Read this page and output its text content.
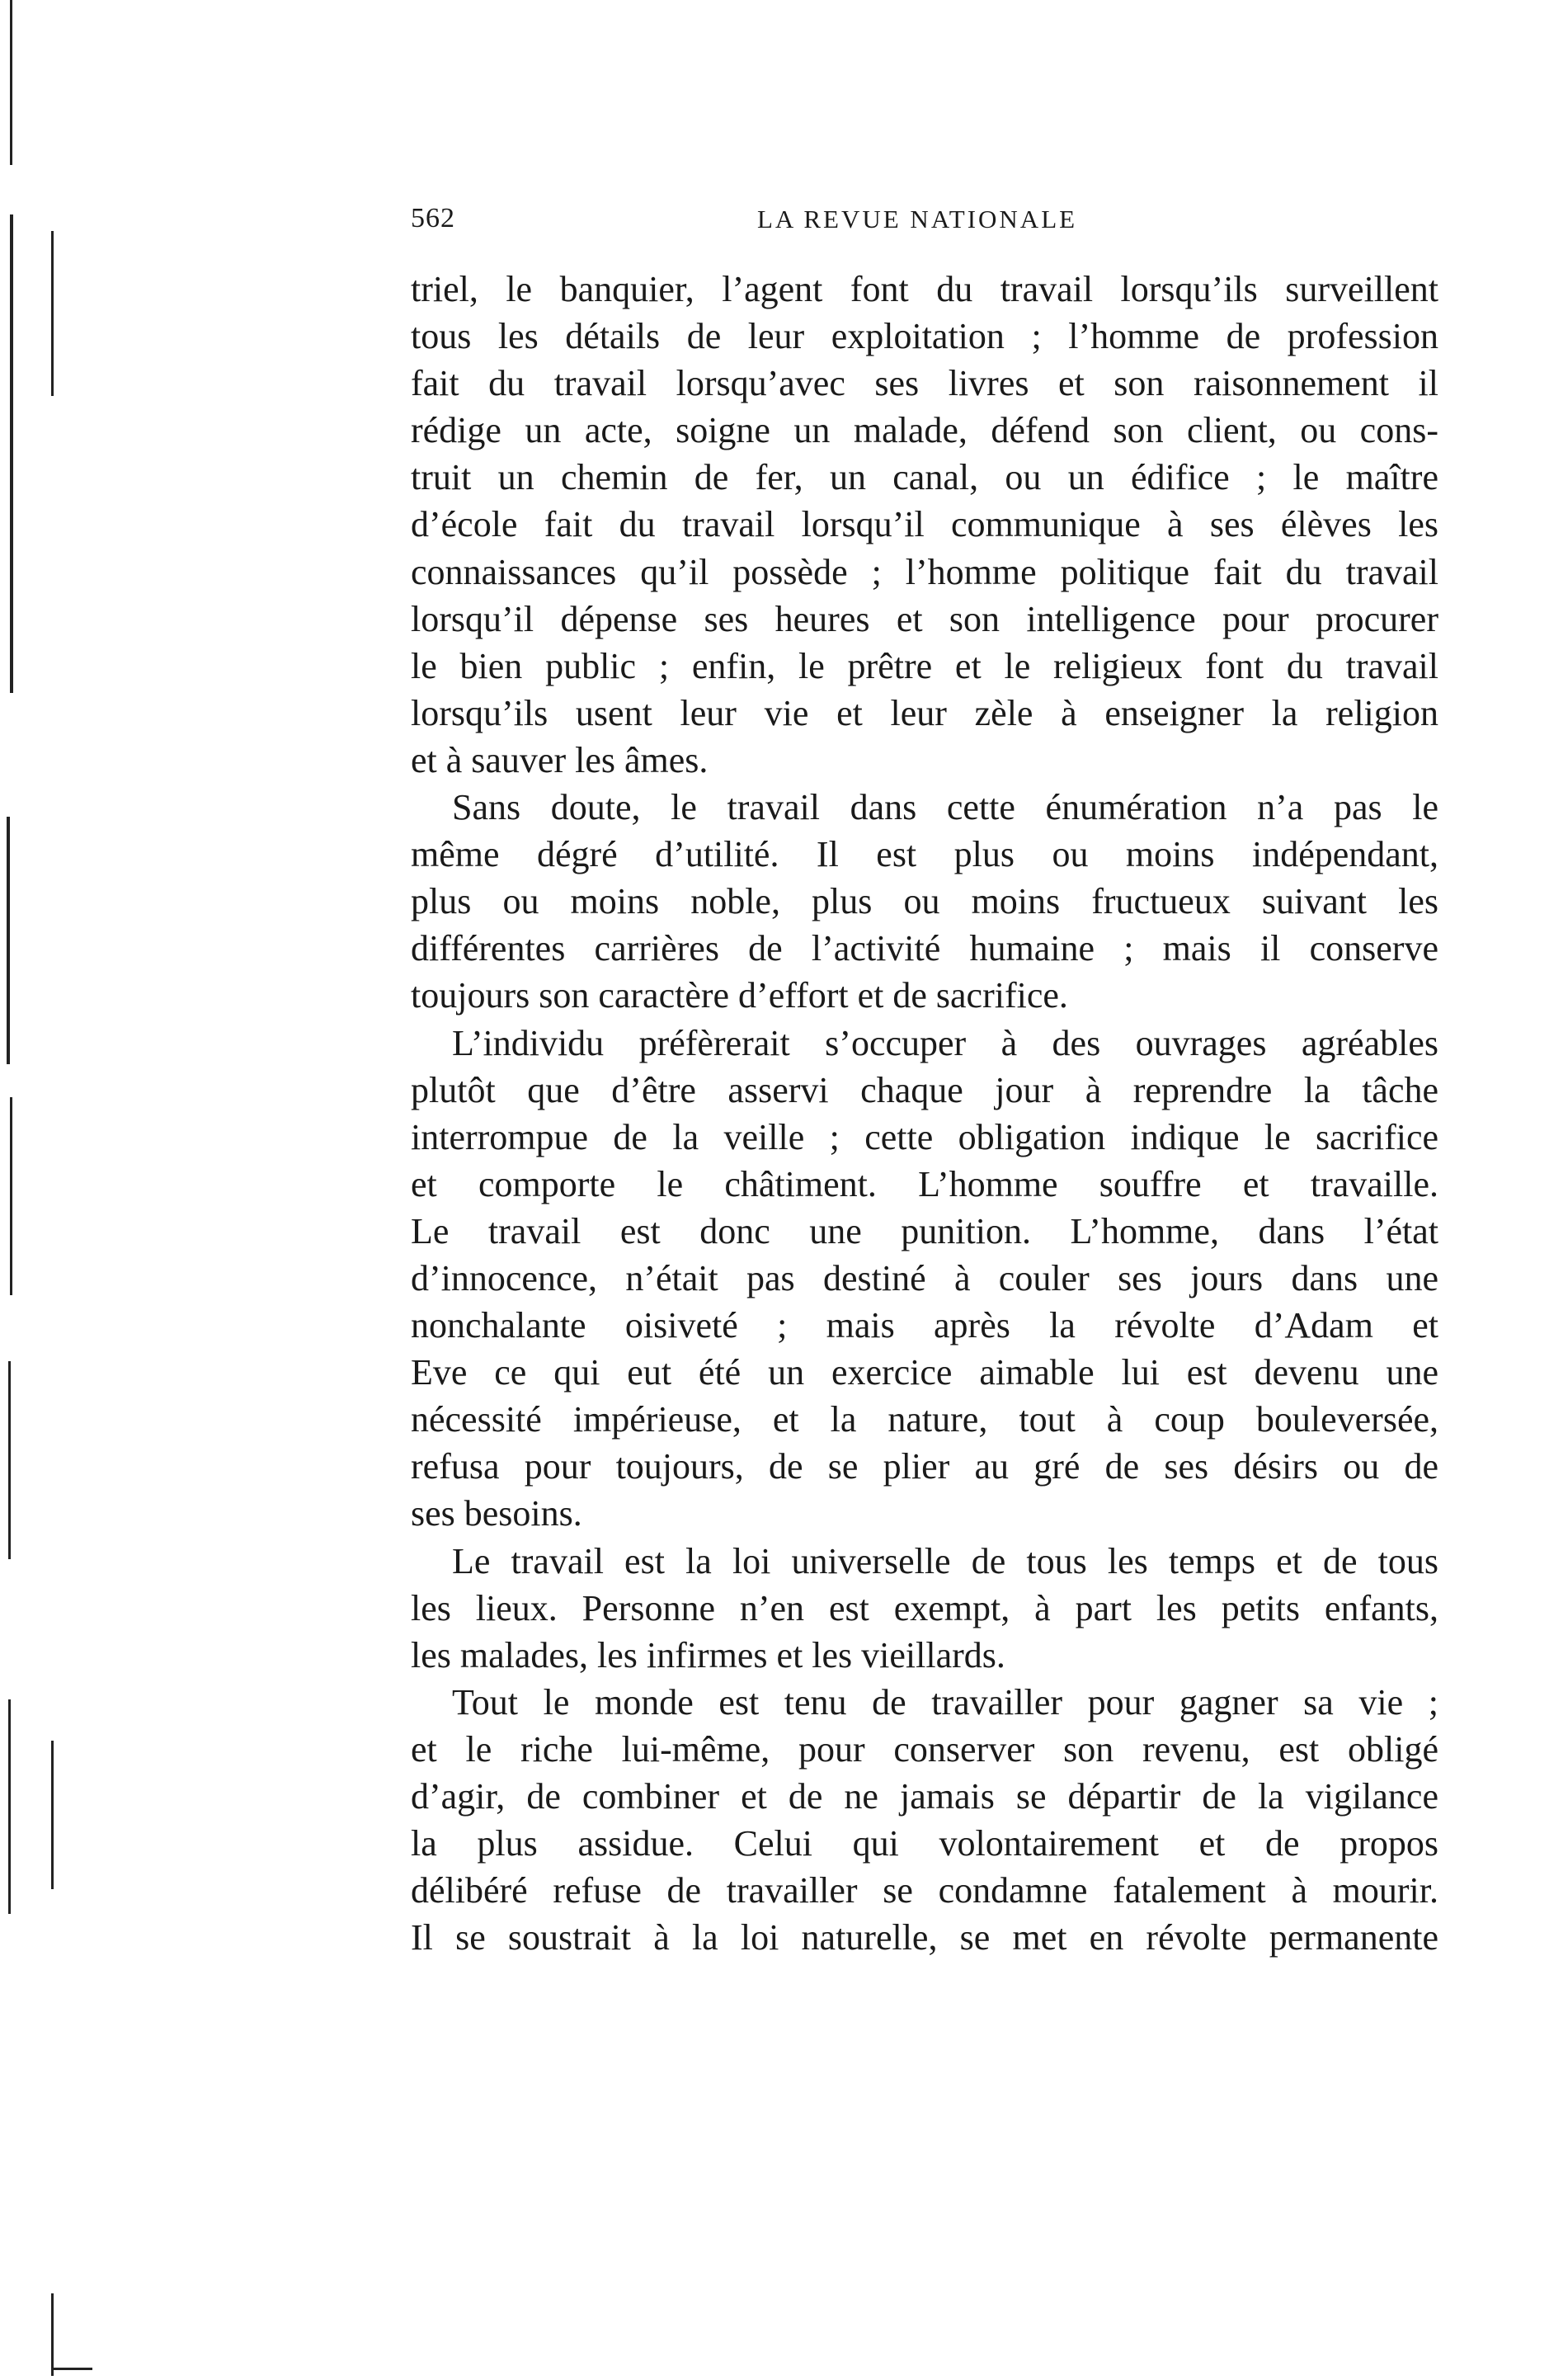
562	LA REVUE NATIONALE

triel, le banquier, l’agent font du travail lorsqu’ils surveillent
tous les détails de leur exploitation ; l’homme de profession
fait du travail lorsqu’avec ses livres et son raisonnement il
rédige un acte, soigne un malade, défend son client, ou cons-
truit un chemin de fer, un canal, ou un édifice ; le maître
d’école fait du travail lorsqu’il communique à ses élèves les
connaissances qu’il possède ; l’homme politique fait du travail
lorsqu’il dépense ses heures et son intelligence pour procurer
le bien public ; enfin, le prêtre et le religieux font du travail
lorsqu’ils usent leur vie et leur zèle à enseigner la religion
et à sauver les âmes.

Sans doute, le travail dans cette énumération n’a pas le
même dégré d’utilité. Il est plus ou moins indépendant,
plus ou moins noble, plus ou moins fructueux suivant les
différentes carrières de l’activité humaine ; mais il conserve
toujours son caractère d’effort et de sacrifice.

L’individu préfèrerait s’occuper à des ouvrages agréables
plutôt que d’être asservi chaque jour à reprendre la tâche
interrompue de la veille ; cette obligation indique le sacrifice
et comporte le châtiment. L’homme souffre et travaille.
Le travail est donc une punition. L’homme, dans l’état
d’innocence, n’était pas destiné à couler ses jours dans une
nonchalante oisiveté ; mais après la révolte d’Adam et
Eve ce qui eut été un exercice aimable lui est devenu une
nécessité impérieuse, et la nature, tout à coup bouleversée,
refusa pour toujours, de se plier au gré de ses désirs ou de
ses besoins.

Le travail est la loi universelle de tous les temps et de tous
les lieux. Personne n’en est exempt, à part les petits enfants,
les malades, les infirmes et les vieillards.

Tout le monde est tenu de travailler pour gagner sa vie ;
et le riche lui-même, pour conserver son revenu, est obligé
d’agir, de combiner et de ne jamais se départir de la vigilance
la plus assidue. Celui qui volontairement et de propos
délibéré refuse de travailler se condamne fatalement à mourir.
Il se soustrait à la loi naturelle, se met en révolte permanente
